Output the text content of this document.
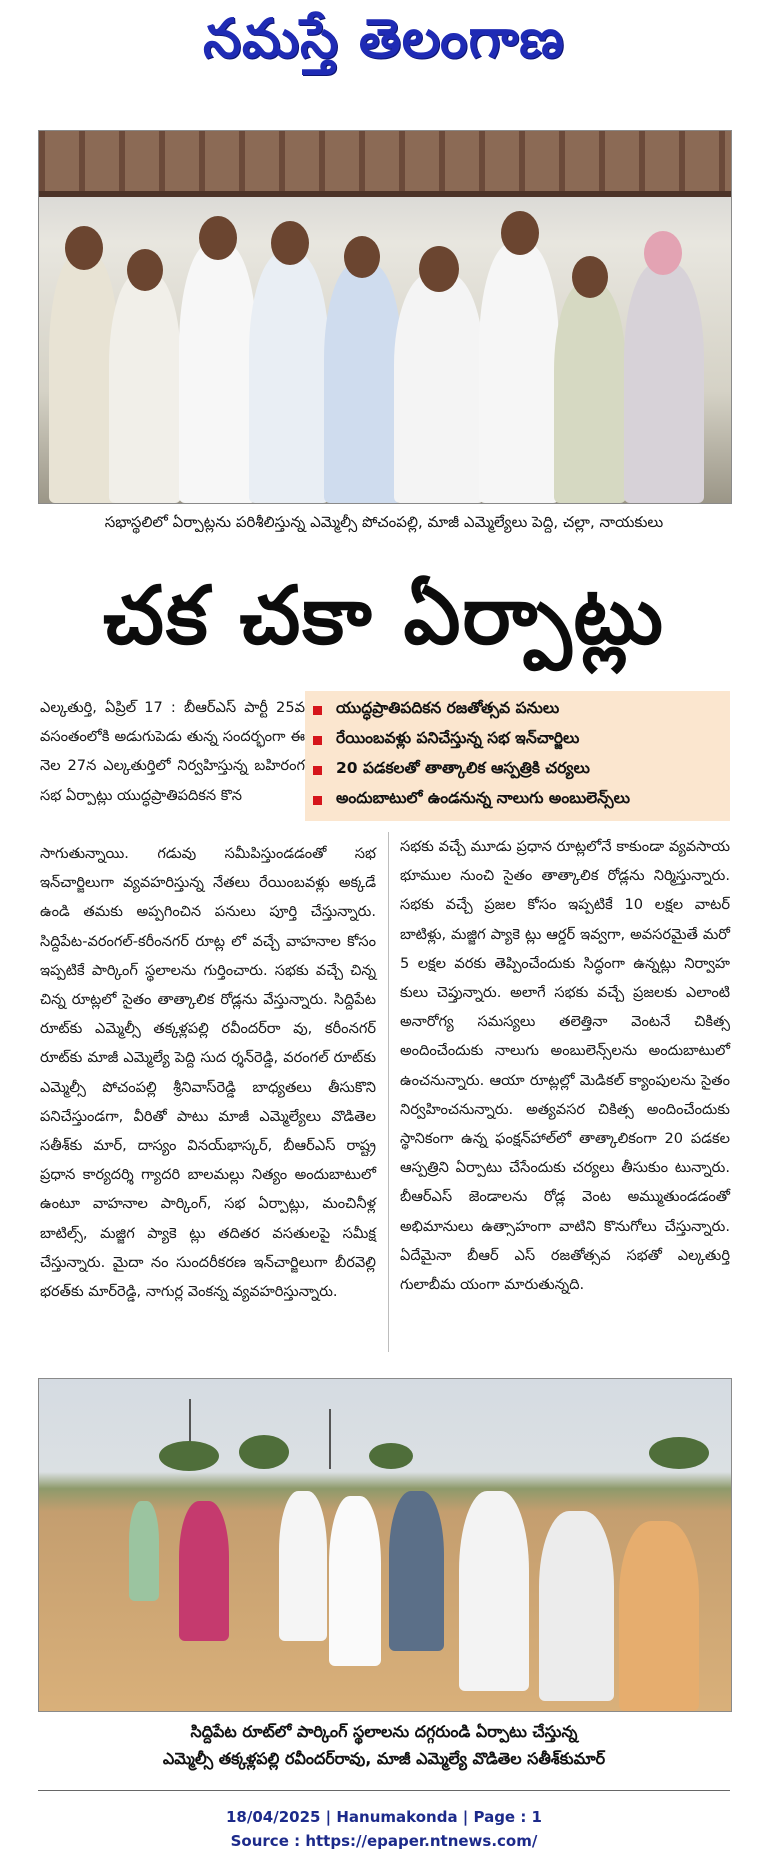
నమస్తే తెలంగాణ
సభాస్థలిలో ఏర్పాట్లను పరిశీలిస్తున్న ఎమ్మెల్సీ పోచంపల్లి, మాజీ ఎమ్మెల్యేలు పెద్ది, చల్లా, నాయకులు
చక చకా ఏర్పాట్లు
యుద్ధప్రాతిపదికన రజతోత్సవ పనులు
రేయింబవళ్లు పనిచేస్తున్న సభ ఇన్‌చార్జిలు
20 పడకలతో తాత్కాలిక ఆస్పత్రికి చర్యలు
అందుబాటులో ఉండనున్న నాలుగు అంబులెన్స్‌లు
ఎల్కతుర్తి, ఏప్రిల్ 17 : బీఆర్‌ఎస్ పార్టీ 25వ వసంతంలోకి అడుగుపెడు తున్న సందర్భంగా ఈ నెల 27న ఎల్కతుర్తిలో నిర్వహిస్తున్న బహిరంగ సభ ఏర్పాట్లు యుద్ధప్రాతిపదికన కొన
సాగుతున్నాయి. గడువు సమీపిస్తుండడంతో సభ ఇన్‌చార్జిలుగా వ్యవహరిస్తున్న నేతలు రేయింబవళ్లు అక్కడే ఉండి తమకు అప్పగించిన పనులు పూర్తి చేస్తున్నారు. సిద్దిపేట-వరంగల్-కరీంనగర్ రూట్ల లో వచ్చే వాహనాల కోసం ఇప్పటికే పార్కింగ్ స్థలాలను గుర్తించారు. సభకు వచ్చే చిన్న చిన్న రూట్లలో సైతం తాత్కాలిక రోడ్లను వేస్తున్నారు. సిద్దిపేట రూట్‌కు ఎమ్మెల్సీ తక్కళ్లపల్లి రవీందర్‌రా వు, కరీంనగర్ రూట్‌కు మాజీ ఎమ్మెల్యే పెద్ది సుద ర్శన్‌రెడ్డి, వరంగల్ రూట్‌కు ఎమ్మెల్సీ పోచంపల్లి శ్రీనివాస్‌రెడ్డి బాధ్యతలు తీసుకొని పనిచేస్తుండగా, వీరితో పాటు మాజీ ఎమ్మెల్యేలు వొడితెల సతీశ్‌కు మార్, దాస్యం వినయ్‌భాస్కర్, బీఆర్‌ఎస్ రాష్ట్ర ప్రధాన కార్యదర్శి గ్యాదరి బాలమల్లు నిత్యం అందుబాటులో ఉంటూ వాహనాల పార్కింగ్, సభ ఏర్పాట్లు, మంచినీళ్ల బాటిల్స్, మజ్జిగ ప్యాకె ట్లు తదితర వసతులపై సమీక్ష చేస్తున్నారు. మైదా నం సుందరీకరణ ఇన్‌చార్జిలుగా బీరవెల్లి భరత్‌కు మార్‌రెడ్డి, నాగుర్ల వెంకన్న వ్యవహరిస్తున్నారు.
సభకు వచ్చే మూడు ప్రధాన రూట్లలోనే కాకుండా వ్యవసాయ భూముల నుంచి సైతం తాత్కాలిక రోడ్లను నిర్మిస్తున్నారు. సభకు వచ్చే ప్రజల కోసం ఇప్పటికే 10 లక్షల వాటర్ బాటిళ్లు, మజ్జిగ ప్యాకె ట్లు ఆర్డర్ ఇవ్వగా, అవసరమైతే మరో 5 లక్షల వరకు తెప్పించేందుకు సిద్ధంగా ఉన్నట్లు నిర్వాహ కులు చెప్తున్నారు. అలాగే సభకు వచ్చే ప్రజలకు ఎలాంటి అనారోగ్య సమస్యలు తలెత్తినా వెంటనే చికిత్స అందించేందుకు నాలుగు అంబులెన్స్‌లను అందుబాటులో ఉంచనున్నారు. ఆయా రూట్లల్లో మెడికల్ క్యాంపులను సైతం నిర్వహించనున్నారు. అత్యవసర చికిత్స అందించేందుకు స్థానికంగా ఉన్న ఫంక్షన్‌హాల్‌లో తాత్కాలికంగా 20 పడకల ఆస్పత్రిని ఏర్పాటు చేసేందుకు చర్యలు తీసుకుం టున్నారు. బీఆర్‌ఎస్ జెండాలను రోడ్ల వెంట అమ్ముతుండడంతో అభిమానులు ఉత్సాహంగా వాటిని కొనుగోలు చేస్తున్నారు. ఏదేమైనా బీఆర్ ఎస్ రజతోత్సవ సభతో ఎల్కతుర్తి గులాబీమ యంగా మారుతున్నది.
సిద్దిపేట రూట్‌లో పార్కింగ్ స్థలాలను దగ్గరుండి ఏర్పాటు చేస్తున్న
ఎమ్మెల్సీ తక్కళ్లపల్లి రవీందర్‌రావు, మాజీ ఎమ్మెల్యే వొడితెల సతీశ్‌కుమార్
18/04/2025 | Hanumakonda | Page : 1
Source : https://epaper.ntnews.com/
